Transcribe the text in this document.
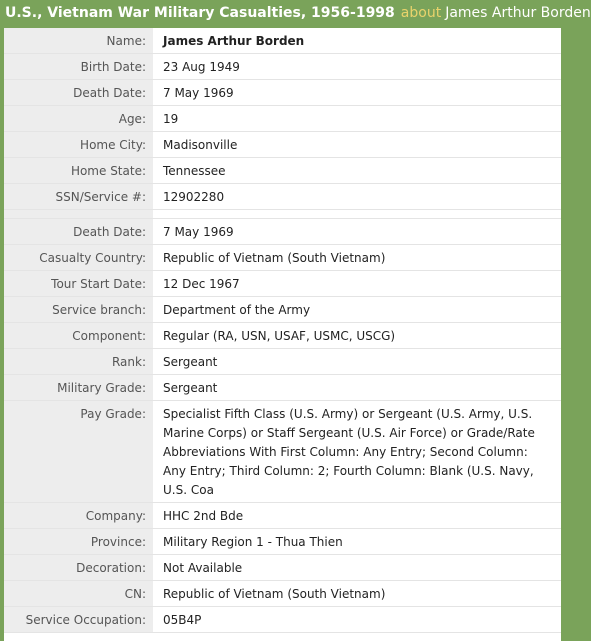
U.S., Vietnam War Military Casualties, 1956-1998 about James Arthur Borden
Name:	James Arthur Borden
Birth Date:	23 Aug 1949
Death Date:	7 May 1969
Age:	19
Home City:	Madisonville
Home State:	Tennessee
SSN/Service #:	12902280

Death Date:	7 May 1969
Casualty Country:	Republic of Vietnam (South Vietnam)
Tour Start Date:	12 Dec 1967
Service branch:	Department of the Army
Component:	Regular (RA, USN, USAF, USMC, USCG)
Rank:	Sergeant
Military Grade:	Sergeant
Pay Grade:	Specialist Fifth Class (U.S. Army) or Sergeant (U.S. Army, U.S. Marine Corps) or Staff Sergeant (U.S. Air Force) or Grade/Rate Abbreviations With First Column: Any Entry; Second Column: Any Entry; Third Column: 2; Fourth Column: Blank (U.S. Navy, U.S. Coa
Company:	HHC 2nd Bde
Province:	Military Region 1 - Thua Thien
Decoration:	Not Available
CN:	Republic of Vietnam (South Vietnam)
Service Occupation:	05B4P
